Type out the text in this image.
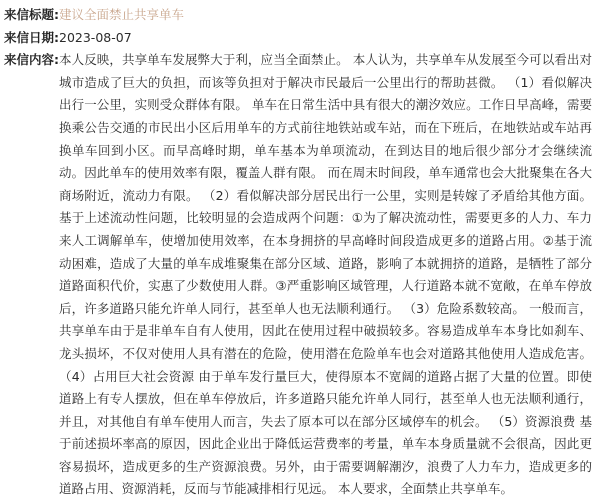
来信标题: 建议全面禁止共享单车
来信日期: 2023-08-07
来信内容: 本人反映，共享单车发展弊大于利，应当全面禁止。 本人认为，共享单车从发展至今可以看出对城市造成了巨大的负担，而该等负担对于解决市民最后一公里出行的帮助甚微。 （1）看似解决出行一公里，实则受众群体有限。 单车在日常生活中具有很大的潮汐效应。工作日早高峰，需要换乘公告交通的市民出小区后用单车的方式前往地铁站或车站，而在下班后，在地铁站或车站再换单车回到小区。而早高峰时期，单车基本为单项流动，在到达目的地后很少部分才会继续流动。因此单车的使用效率有限，覆盖人群有限。 而在周末时间段，单车通常也会大批聚集在各大商场附近，流动力有限。 （2）看似解决部分居民出行一公里，实则是转嫁了矛盾给其他方面。 基于上述流动性问题，比较明显的会造成两个问题：①为了解决流动性，需要更多的人力、车力来人工调解单车，使增加使用效率，在本身拥挤的早高峰时间段造成更多的道路占用。②基于流动困难，造成了大量的单车成堆聚集在部分区域、道路，影响了本就拥挤的道路，是牺牲了部分道路面积代价，实惠了少数使用人群。③严重影响区域管理，人行道路本就不宽敞，在单车停放后，许多道路只能允许单人同行，甚至单人也无法顺利通行。 （3）危险系数较高。 一般而言，共享单车由于是非单车自有人使用，因此在使用过程中破损较多。容易造成单车本身比如刹车、龙头损坏，不仅对使用人具有潜在的危险，使用潜在危险单车也会对道路其他使用人造成危害。 （4）占用巨大社会资源 由于单车发行量巨大，使得原本不宽阔的道路占据了大量的位置。即使道路上有专人摆放，但在单车停放后，许多道路只能允许单人同行，甚至单人也无法顺利通行，并且，对其他自有单车使用人而言，失去了原本可以在部分区域停车的机会。 （5）资源浪费 基于前述损坏率高的原因，因此企业出于降低运营费率的考量，单车本身质量就不会很高，因此更容易损坏，造成更多的生产资源浪费。另外，由于需要调解潮汐，浪费了人力车力，造成更多的道路占用、资源消耗，反而与节能减排相行见远。 本人要求，全面禁止共享单车。
